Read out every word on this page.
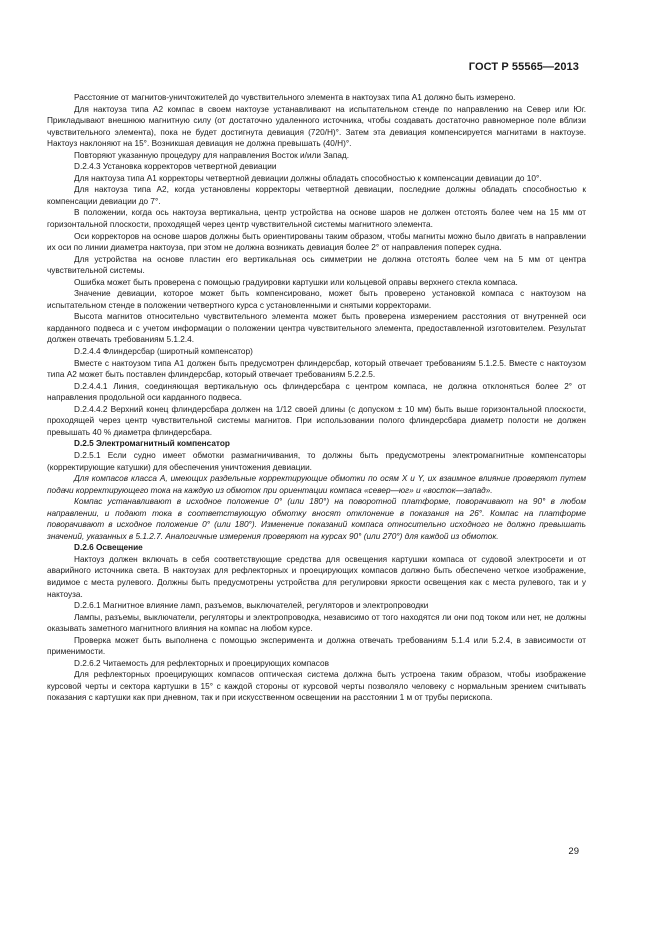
ГОСТ Р 55565—2013

Расстояние от магнитов-уничтожителей до чувствительного элемента в нактоузах типа А1 должно быть измерено.

Для нактоуза типа А2 компас в своем нактоузе устанавливают на испытательном стенде по направлению на Север или Юг. Прикладывают внешнюю магнитную силу (от достаточно удаленного источника, чтобы создавать достаточно равномерное поле вблизи чувствительного элемента), пока не будет достигнута девиация (720/H)°. Затем эта девиация компенсируется магнитами в нактоузе. Нактоуз наклоняют на 15°. Возникшая девиация не должна превышать (40/H)°.

Повторяют указанную процедуру для направления Восток и/или Запад.

D.2.4.3 Установка корректоров четвертной девиации

Для нактоуза типа А1 корректоры четвертной девиации должны обладать способностью к компенсации девиации до 10°.

Для нактоуза типа А2, когда установлены корректоры четвертной девиации, последние должны обладать способностью к компенсации девиации до 7°.

В положении, когда ось нактоуза вертикальна, центр устройства на основе шаров не должен отстоять более чем на 15 мм от горизонтальной плоскости, проходящей через центр чувствительной системы магнитного элемента.

Оси корректоров на основе шаров должны быть ориентированы таким образом, чтобы магниты можно было двигать в направлении их оси по линии диаметра нактоуза, при этом не должна возникать девиация более 2° от направления поперек судна.

Для устройства на основе пластин его вертикальная ось симметрии не должна отстоять более чем на 5 мм от центра чувствительной системы.

Ошибка может быть проверена с помощью градуировки картушки или кольцевой оправы верхнего стекла компаса.

Значение девиации, которое может быть компенсировано, может быть проверено установкой компаса с нактоузом на испытательном стенде в положении четвертного курса с установленными и снятыми корректорами.

Высота магнитов относительно чувствительного элемента может быть проверена измерением расстояния от внутренней оси карданного подвеса и с учетом информации о положении центра чувствительного элемента, предоставленной изготовителем. Результат должен отвечать требованиям 5.1.2.4.

D.2.4.4 Флиндерсбар (широтный компенсатор)

Вместе с нактоузом типа А1 должен быть предусмотрен флиндерсбар, который отвечает требованиям 5.1.2.5. Вместе с нактоузом типа А2 может быть поставлен флиндерсбар, который отвечает требованиям 5.2.2.5.

D.2.4.4.1 Линия, соединяющая вертикальную ось флиндерсбара с центром компаса, не должна отклоняться более 2° от направления продольной оси карданного подвеса.

D.2.4.4.2 Верхний конец флиндерсбара должен на 1/12 своей длины (с допуском ± 10 мм) быть выше горизонтальной плоскости, проходящей через центр чувствительной системы магнитов. При использовании полого флиндерсбара диаметр полости не должен превышать 40 % диаметра флиндерсбара.

D.2.5 Электромагнитный компенсатор

D.2.5.1 Если судно имеет обмотки размагничивания, то должны быть предусмотрены электромагнитные компенсаторы (корректирующие катушки) для обеспечения уничтожения девиации.

Для компасов класса А, имеющих раздельные корректирующие обмотки по осям X и Y, их взаимное влияние проверяют путем подачи корректирующего тока на каждую из обмоток при ориентации компаса «север—юг» и «восток—запад».

Компас устанавливают в исходное положение 0° (или 180°) на поворотной платформе, поворачивают на 90° в любом направлении, и подают тока в соответствующую обмотку вносят отклонение в показания на 26°. Компас на платформе поворачивают в исходное положение 0° (или 180°). Изменение показаний компаса относительно исходного не должно превышать значений, указанных в 5.1.2.7. Аналогичные измерения проверяют на курсах 90° (или 270°) для каждой из обмоток.

D.2.6 Освещение

Нактоуз должен включать в себя соответствующие средства для освещения картушки компаса от судовой электросети и от аварийного источника света. В нактоузах для рефлекторных и проецирующих компасов должно быть обеспечено четкое изображение, видимое с места рулевого. Должны быть предусмотрены устройства для регулировки яркости освещения как с места рулевого, так и у нактоуза.

D.2.6.1 Магнитное влияние ламп, разъемов, выключателей, регуляторов и электропроводки

Лампы, разъемы, выключатели, регуляторы и электропроводка, независимо от того находятся ли они под током или нет, не должны оказывать заметного магнитного влияния на компас на любом курсе.

Проверка может быть выполнена с помощью эксперимента и должна отвечать требованиям 5.1.4 или 5.2.4, в зависимости от применимости.

D.2.6.2 Читаемость для рефлекторных и проецирующих компасов

Для рефлекторных проецирующих компасов оптическая система должна быть устроена таким образом, чтобы изображение курсовой черты и сектора картушки в 15° с каждой стороны от курсовой черты позволяло человеку с нормальным зрением считывать показания с картушки как при дневном, так и при искусственном освещении на расстоянии 1 м от трубы перископа.

29
